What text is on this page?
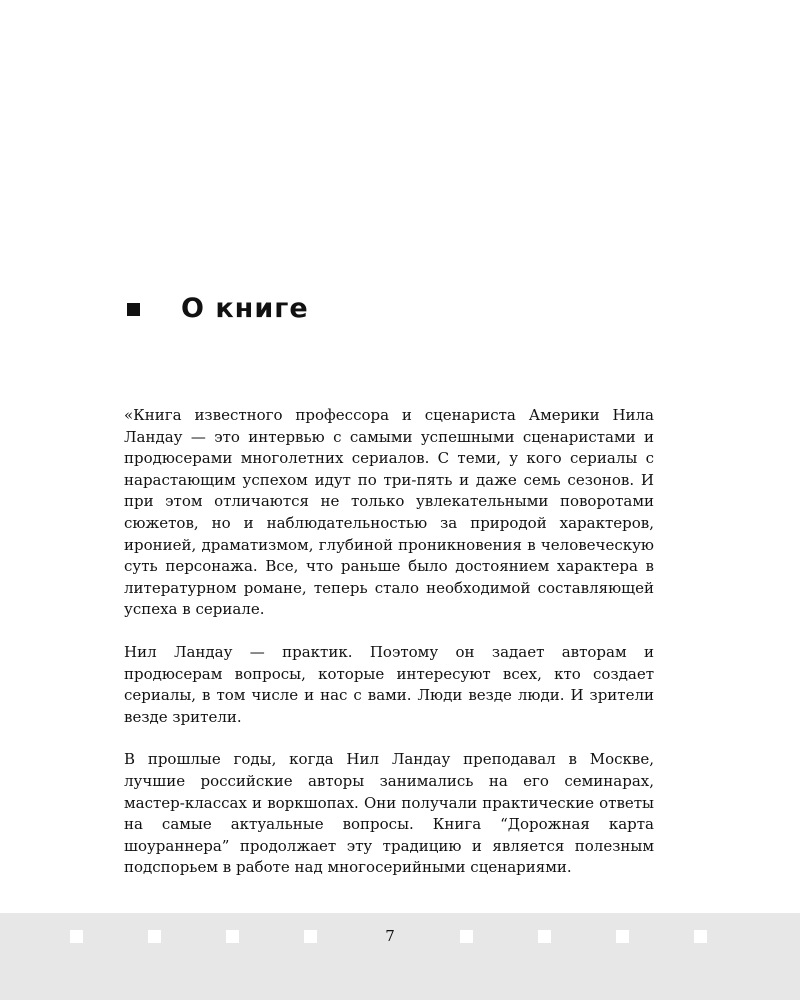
О книге

«Книга известного профессора и сценариста Америки Нила Ландау — это интервью с самыми успешными сценаристами и продюсерами многолетних сериалов. С теми, у кого сериалы с нарастающим успехом идут по три-пять и даже семь сезонов. И при этом отличаются не только увлекательными поворотами сюжетов, но и наблюдательностью за природой характеров, иронией, драматизмом, глубиной проникновения в человеческую суть персонажа. Все, что раньше было достоянием характера в литературном романе, теперь стало необходимой составляющей успеха в сериале.

Нил Ландау — практик. Поэтому он задает авторам и продюсерам вопросы, которые интересуют всех, кто создает сериалы, в том числе и нас с вами. Люди везде люди. И зрители везде зрители.

В прошлые годы, когда Нил Ландау преподавал в Москве, лучшие российские авторы занимались на его семинарах, мастер-классах и воркшопах. Они получали практические ответы на самые актуальные вопросы. Книга “Дорожная карта шоураннера” продолжает эту традицию и является полезным подспорьем в работе над многосерийными сценариями.

7
